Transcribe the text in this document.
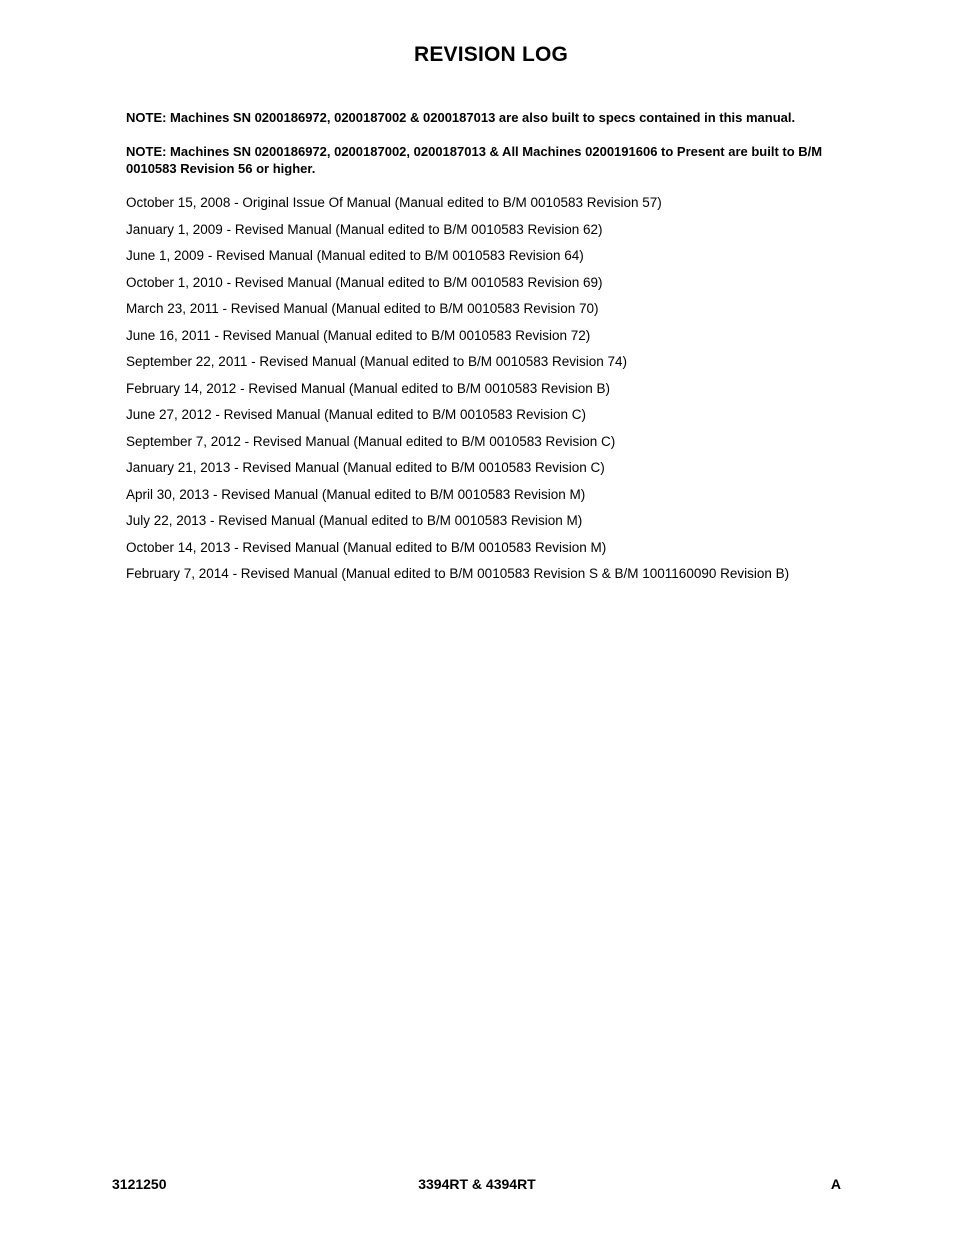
REVISION LOG

NOTE: Machines SN 0200186972, 0200187002 & 0200187013 are also built to specs contained in this manual.

NOTE: Machines SN 0200186972, 0200187002, 0200187013 & All Machines 0200191606 to Present are built to B/M 0010583 Revision 56 or higher.

October 15, 2008 - Original Issue Of Manual (Manual edited to B/M 0010583 Revision 57)
January 1, 2009 - Revised Manual (Manual edited to B/M 0010583 Revision 62)
June 1, 2009 - Revised Manual (Manual edited to B/M 0010583 Revision 64)
October 1, 2010 - Revised Manual (Manual edited to B/M 0010583 Revision 69)
March 23, 2011 - Revised Manual (Manual edited to B/M 0010583 Revision 70)
June 16, 2011 - Revised Manual (Manual edited to B/M 0010583 Revision 72)
September 22, 2011 - Revised Manual (Manual edited to B/M 0010583 Revision 74)
February 14, 2012 - Revised Manual (Manual edited to B/M 0010583 Revision B)
June 27, 2012 - Revised Manual (Manual edited to B/M 0010583 Revision C)
September 7, 2012 - Revised Manual (Manual edited to B/M 0010583 Revision C)
January 21, 2013 - Revised Manual (Manual edited to B/M 0010583 Revision C)
April 30, 2013 - Revised Manual (Manual edited to B/M 0010583 Revision M)
July 22, 2013 - Revised Manual (Manual edited to B/M 0010583 Revision M)
October 14, 2013 - Revised Manual (Manual edited to B/M 0010583 Revision M)
February 7, 2014 - Revised Manual (Manual edited to B/M 0010583 Revision S & B/M 1001160090 Revision B)
3121250	3394RT & 4394RT	A
